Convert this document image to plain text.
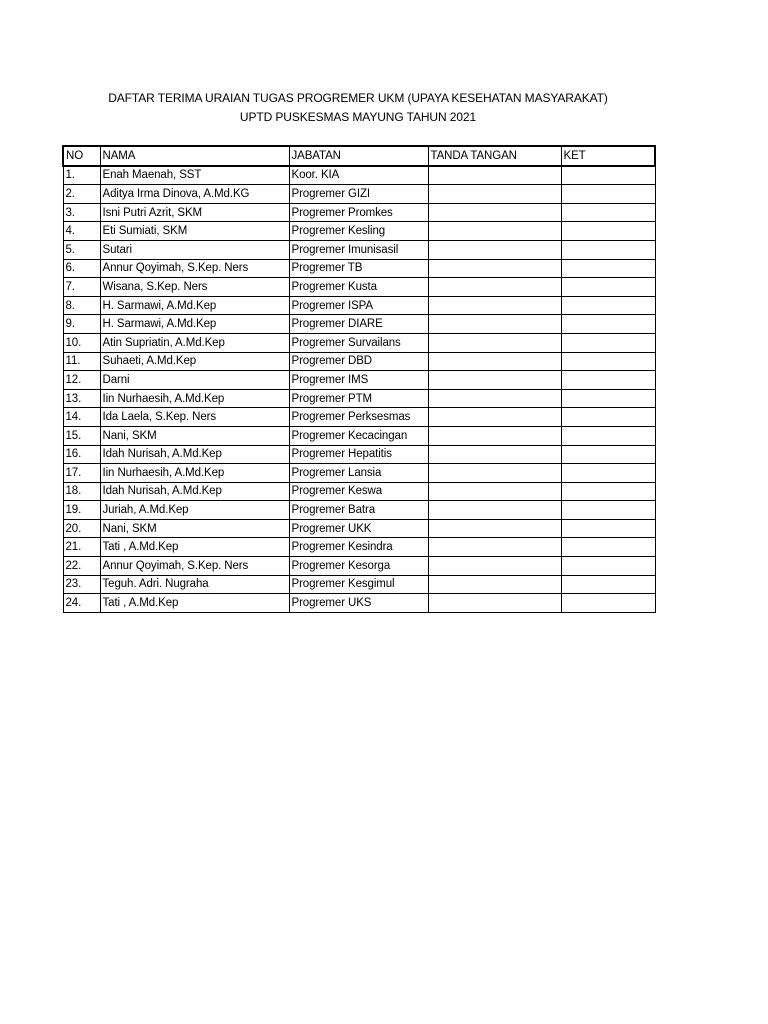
DAFTAR TERIMA URAIAN TUGAS PROGREMER UKM (UPAYA KESEHATAN MASYARAKAT)
UPTD PUSKESMAS MAYUNG TAHUN 2021
NO	NAMA	JABATAN	TANDA TANGAN	KET
1.	Enah Maenah, SST	Koor. KIA		
2.	Aditya Irma Dinova, A.Md.KG	Progremer GIZI		
3.	Isni Putri Azrit, SKM	Progremer Promkes		
4.	Eti Sumiati, SKM	Progremer Kesling		
5.	Sutari	Progremer Imunisasil		
6.	Annur Qoyimah, S.Kep. Ners	Progremer TB		
7.	Wisana, S.Kep. Ners	Progremer Kusta		
8.	H. Sarmawi, A.Md.Kep	Progremer ISPA		
9.	H. Sarmawi, A.Md.Kep	Progremer DIARE		
10.	Atin Supriatin, A.Md.Kep	Progremer Survailans		
11.	Suhaeti, A.Md.Kep	Progremer DBD		
12.	Darni	Progremer IMS		
13.	Iin Nurhaesih, A.Md.Kep	Progremer PTM		
14.	Ida Laela, S.Kep. Ners	Progremer Perksesmas		
15.	Nani, SKM	Progremer Kecacingan		
16.	Idah Nurisah, A.Md.Kep	Progremer Hepatitis		
17.	Iin Nurhaesih, A.Md.Kep	Progremer Lansia		
18.	Idah Nurisah, A.Md.Kep	Progremer Keswa		
19.	Juriah, A.Md.Kep	Progremer Batra		
20.	Nani, SKM	Progremer UKK		
21.	Tati , A.Md.Kep	Progremer Kesindra		
22.	Annur Qoyimah, S.Kep. Ners	Progremer Kesorga		
23.	Teguh. Adri. Nugraha	Progremer Kesgimul		
24.	Tati , A.Md.Kep	Progremer UKS		
